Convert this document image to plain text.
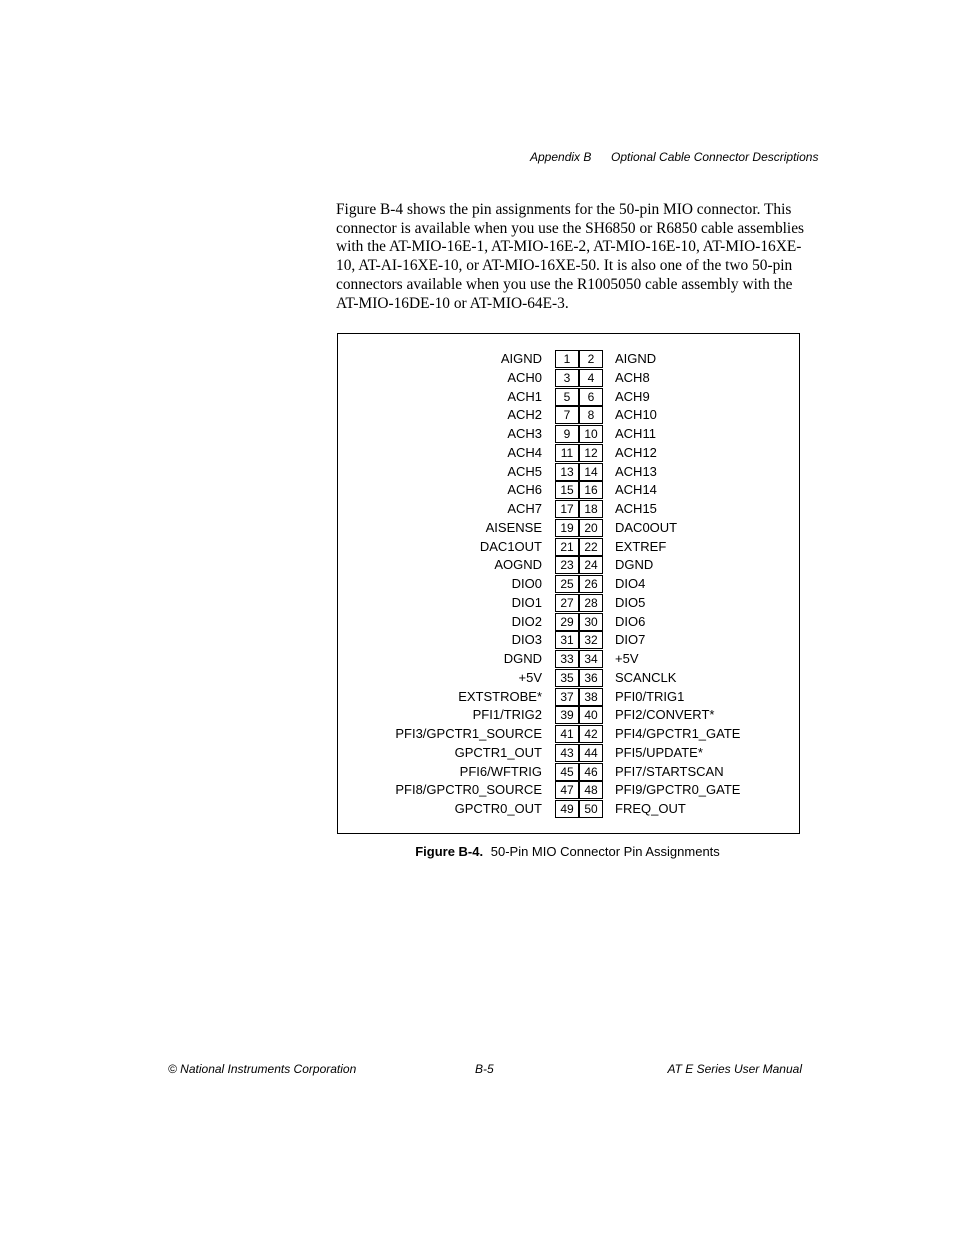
Appendix B Optional Cable Connector Descriptions

Figure B-4 shows the pin assignments for the 50-pin MIO connector. This connector is available when you use the SH6850 or R6850 cable assemblies with the AT-MIO-16E-1, AT-MIO-16E-2, AT-MIO-16E-10, AT-MIO-16XE-10, AT-AI-16XE-10, or AT-MIO-16XE-50. It is also one of the two 50-pin connectors available when you use the R1005050 cable assembly with the AT-MIO-16DE-10 or AT-MIO-64E-3.

AIGND	1	2	AIGND
ACH0	3	4	ACH8
ACH1	5	6	ACH9
ACH2	7	8	ACH10
ACH3	9	10	ACH11
ACH4	11 12	ACH12
ACH5	13 14	ACH13
ACH6	15 16	ACH14
ACH7	17 18	ACH15
AISENSE	19 20	DAC0OUT
DAC1OUT	21 22	EXTREF
AOGND	23 24	DGND
DIO0	25 26	DIO4
DIO1	27 28	DIO5
DIO2	29 30	DIO6
DIO3	31 32	DIO7
DGND	33 34	+5V
+5V	35 36	SCANCLK
EXTSTROBE*	37 38	PFI0/TRIG1
PFI1/TRIG2	39 40	PFI2/CONVERT*
PFI3/GPCTR1_SOURCE	41 42	PFI4/GPCTR1_GATE
GPCTR1_OUT	43 44	PFI5/UPDATE*
PFI6/WFTRIG	45 46	PFI7/STARTSCAN
PFI8/GPCTR0_SOURCE	47 48	PFI9/GPCTR0_GATE
GPCTR0_OUT	49 50	FREQ_OUT
Figure B-4. 50-Pin MIO Connector Pin Assignments
© National Instruments Corporation	B-5	AT E Series User Manual
